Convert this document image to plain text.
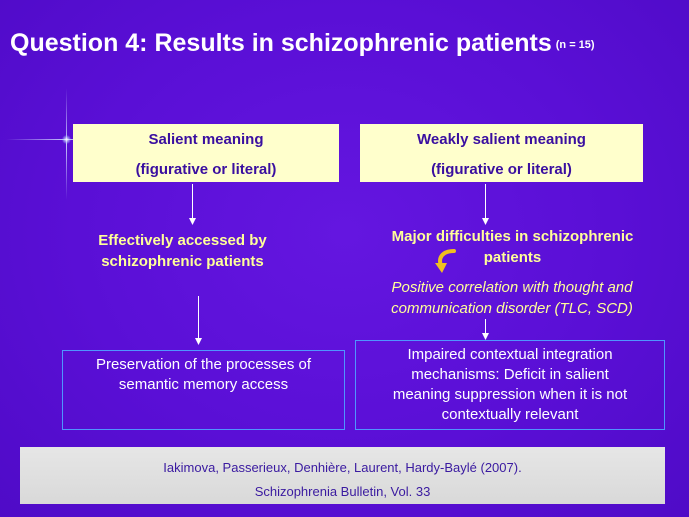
Question 4: Results in schizophrenic patients (n = 15)
Salient meaning
(figurative or literal)
Effectively accessed by
schizophrenic patients
Preservation of the processes of
semantic memory access
Weakly salient meaning
(figurative or literal)
Major difficulties in schizophrenic
patients
Positive correlation with thought and
communication disorder (TLC, SCD)
Impaired contextual integration
mechanisms: Deficit in salient
meaning suppression when it is not
contextually relevant
Iakimova, Passerieux, Denhière, Laurent, Hardy-Baylé (2007).
Schizophrenia Bulletin, Vol. 33
